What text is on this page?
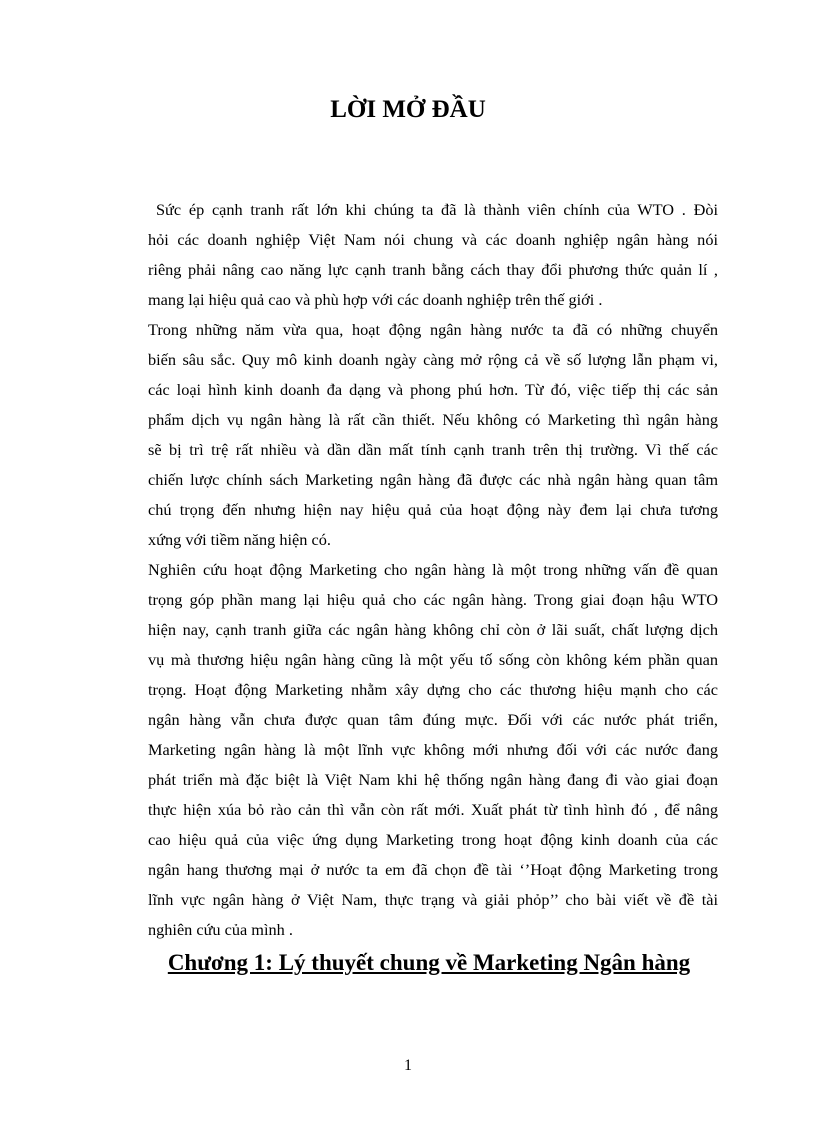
LỜI MỞ ĐẦU
Sức ép cạnh tranh rất lớn khi chúng ta đã là thành viên chính của WTO . Đòi
hỏi các doanh nghiệp Việt Nam nói chung và các doanh nghiệp ngân hàng nói
riêng phải nâng cao năng lực cạnh tranh bằng cách thay đổi phương thức quản lí ,
mang lại hiệu quả cao và phù hợp với các doanh nghiệp trên thế giới .
Trong những năm vừa qua, hoạt động ngân hàng nước ta đã có những chuyển
biến sâu sắc. Quy mô kinh doanh ngày càng mở rộng cả về số lượng lẫn phạm vi,
các loại hình kinh doanh đa dạng và phong phú hơn. Từ đó, việc tiếp thị các sản
phẩm dịch vụ ngân hàng là rất cần thiết. Nếu không có Marketing thì ngân hàng
sẽ bị trì trệ rất nhiều và dần dần mất tính cạnh tranh trên thị trường. Vì thế các
chiến lược chính sách Marketing ngân hàng đã được các nhà ngân hàng quan tâm
chú trọng đến nhưng hiện nay hiệu quả của hoạt động này đem lại chưa tương
xứng với tiềm năng hiện có.
Nghiên cứu hoạt động Marketing cho ngân hàng là một trong những vấn đề quan
trọng góp phần mang lại hiệu quả cho các ngân hàng. Trong giai đoạn hậu WTO
hiện nay, cạnh tranh giữa các ngân hàng không chỉ còn ở lãi suất, chất lượng dịch
vụ mà thương hiệu ngân hàng cũng là một yếu tố sống còn không kém phần quan
trọng. Hoạt động Marketing nhằm xây dựng cho các thương hiệu mạnh cho các
ngân hàng vẫn chưa được quan tâm đúng mực. Đối với các nước phát triển,
Marketing ngân hàng là một lĩnh vực không mới nhưng đối với các nước đang
phát triển mà đặc biệt là Việt Nam khi hệ thống ngân hàng đang đi vào giai đoạn
thực hiện xúa bỏ rào cản thì vẫn còn rất mới. Xuất phát từ tình hình đó , để nâng
cao hiệu quả của việc ứng dụng Marketing trong hoạt động kinh doanh của các
ngân hang thương mại ở nước ta em đã chọn đề tài ‘’Hoạt động Marketing trong
lĩnh vực ngân hàng ở Việt Nam, thực trạng và giải phỏp’’ cho bài viết về đề tài
nghiên cứu của mình .
Chương 1: Lý thuyết chung về Marketing Ngân hàng
1
